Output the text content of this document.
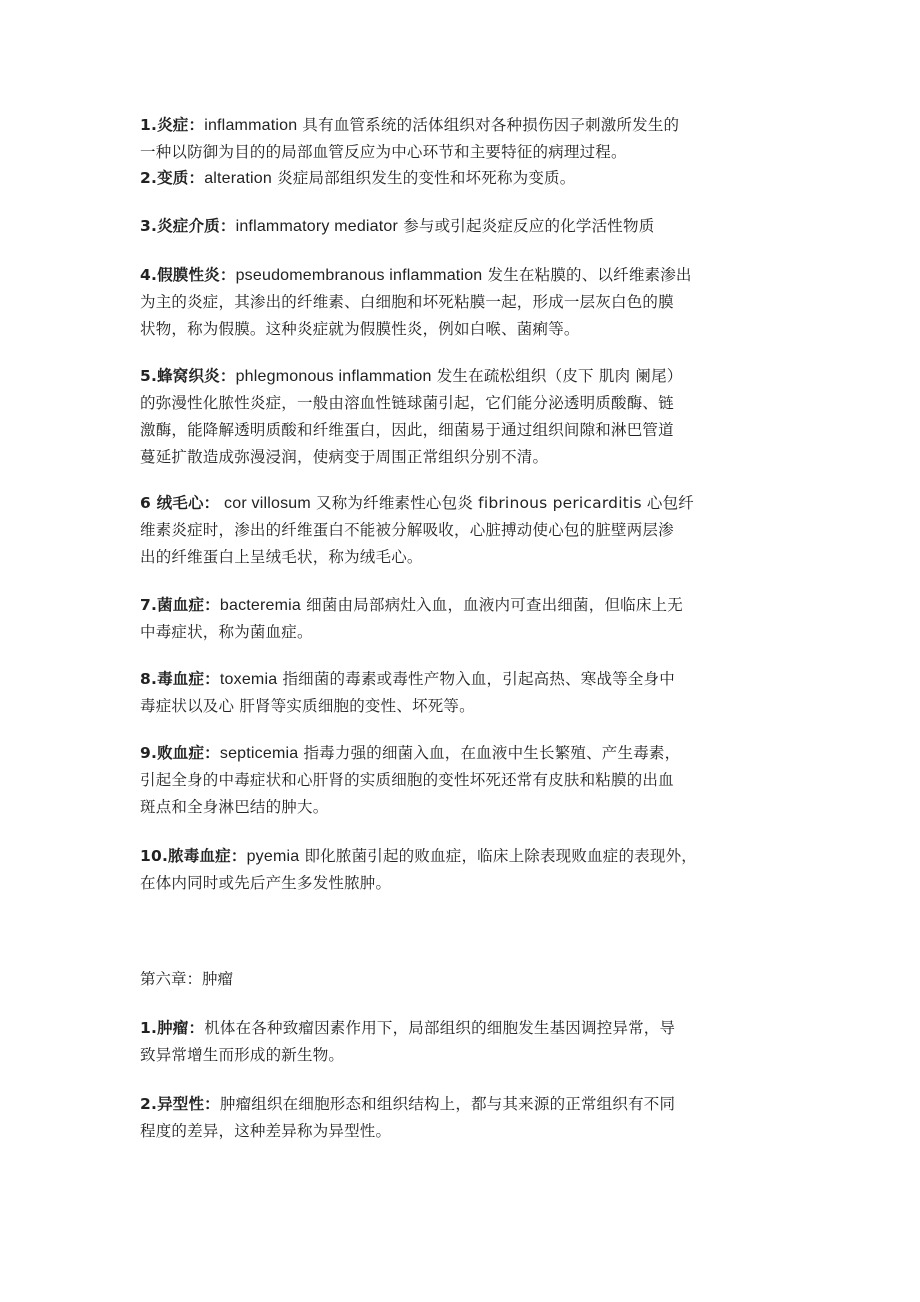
1.炎症：inflammation 具有血管系统的活体组织对各种损伤因子刺激所发生的
一种以防御为目的的局部血管反应为中心环节和主要特征的病理过程。
2.变质：alteration 炎症局部组织发生的变性和坏死称为变质。
3.炎症介质：inflammatory mediator 参与或引起炎症反应的化学活性物质
4.假膜性炎：pseudomembranous inflammation 发生在粘膜的、以纤维素渗出
为主的炎症，其渗出的纤维素、白细胞和坏死粘膜一起，形成一层灰白色的膜
状物，称为假膜。这种炎症就为假膜性炎，例如白喉、菌痢等。
5.蜂窝织炎：phlegmonous inflammation 发生在疏松组织（皮下 肌肉 阑尾）
的弥漫性化脓性炎症，一般由溶血性链球菌引起，它们能分泌透明质酸酶、链
激酶，能降解透明质酸和纤维蛋白，因此，细菌易于通过组织间隙和淋巴管道
蔓延扩散造成弥漫浸润，使病变于周围正常组织分别不清。
6 绒毛心： cor villosum 又称为纤维素性心包炎 fibrinous pericarditis 心包纤
维素炎症时，渗出的纤维蛋白不能被分解吸收，心脏搏动使心包的脏壁两层渗
出的纤维蛋白上呈绒毛状，称为绒毛心。
7.菌血症：bacteremia 细菌由局部病灶入血，血液内可查出细菌，但临床上无
中毒症状，称为菌血症。
8.毒血症：toxemia 指细菌的毒素或毒性产物入血，引起高热、寒战等全身中
毒症状以及心 肝肾等实质细胞的变性、坏死等。
9.败血症：septicemia 指毒力强的细菌入血，在血液中生长繁殖、产生毒素，
引起全身的中毒症状和心肝肾的实质细胞的变性坏死还常有皮肤和粘膜的出血
斑点和全身淋巴结的肿大。
10.脓毒血症：pyemia 即化脓菌引起的败血症，临床上除表现败血症的表现外，
在体内同时或先后产生多发性脓肿。
第六章：肿瘤
1.肿瘤：机体在各种致瘤因素作用下，局部组织的细胞发生基因调控异常，导
致异常增生而形成的新生物。
2.异型性：肿瘤组织在细胞形态和组织结构上，都与其来源的正常组织有不同
程度的差异，这种差异称为异型性。
